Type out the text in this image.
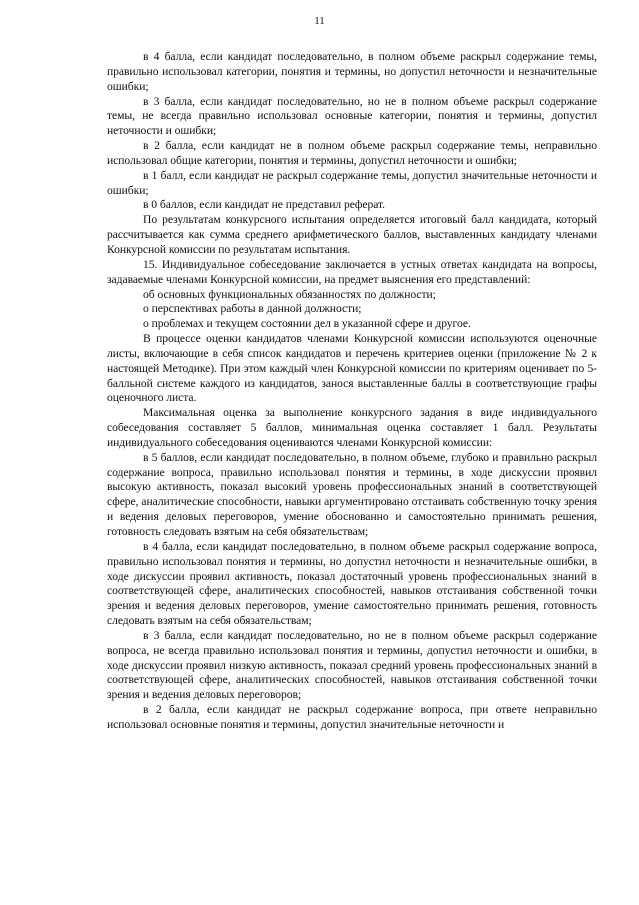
11

в 4 балла, если кандидат последовательно, в полном объеме раскрыл содержание темы, правильно использовал категории, понятия и термины, но допустил неточности и незначительные ошибки;

в 3 балла, если кандидат последовательно, но не в полном объеме раскрыл содержание темы, не всегда правильно использовал основные категории, понятия и термины, допустил неточности и ошибки;

в 2 балла, если кандидат не в полном объеме раскрыл содержание темы, неправильно использовал общие категории, понятия и термины, допустил неточности и ошибки;

в 1 балл, если кандидат не раскрыл содержание темы, допустил значительные неточности и ошибки;

в 0 баллов, если кандидат не представил реферат.

По результатам конкурсного испытания определяется итоговый балл кандидата, который рассчитывается как сумма среднего арифметического баллов, выставленных кандидату членами Конкурсной комиссии по результатам испытания.

15. Индивидуальное собеседование заключается в устных ответах кандидата на вопросы, задаваемые членами Конкурсной комиссии, на предмет выяснения его представлений:

об основных функциональных обязанностях по должности;

о перспективах работы в данной должности;

о проблемах и текущем состоянии дел в указанной сфере и другое.

В процессе оценки кандидатов членами Конкурсной комиссии используются оценочные листы, включающие в себя список кандидатов и перечень критериев оценки (приложение № 2 к настоящей Методике). При этом каждый член Конкурсной комиссии по критериям оценивает по 5-балльной системе каждого из кандидатов, занося выставленные баллы в соответствующие графы оценочного листа.

Максимальная оценка за выполнение конкурсного задания в виде индивидуального собеседования составляет 5 баллов, минимальная оценка составляет 1 балл. Результаты индивидуального собеседования оцениваются членами Конкурсной комиссии:

в 5 баллов, если кандидат последовательно, в полном объеме, глубоко и правильно раскрыл содержание вопроса, правильно использовал понятия и термины, в ходе дискуссии проявил высокую активность, показал высокий уровень профессиональных знаний в соответствующей сфере, аналитические способности, навыки аргументировано отстаивать собственную точку зрения и ведения деловых переговоров, умение обоснованно и самостоятельно принимать решения, готовность следовать взятым на себя обязательствам;

в 4 балла, если кандидат последовательно, в полном объеме раскрыл содержание вопроса, правильно использовал понятия и термины, но допустил неточности и незначительные ошибки, в ходе дискуссии проявил активность, показал достаточный уровень профессиональных знаний в соответствующей сфере, аналитических способностей, навыков отстаивания собственной точки зрения и ведения деловых переговоров, умение самостоятельно принимать решения, готовность следовать взятым на себя обязательствам;

в 3 балла, если кандидат последовательно, но не в полном объеме раскрыл содержание вопроса, не всегда правильно использовал понятия и термины, допустил неточности и ошибки, в ходе дискуссии проявил низкую активность, показал средний уровень профессиональных знаний в соответствующей сфере, аналитических способностей, навыков отстаивания собственной точки зрения и ведения деловых переговоров;

в 2 балла, если кандидат не раскрыл содержание вопроса, при ответе неправильно использовал основные понятия и термины, допустил значительные неточности и
